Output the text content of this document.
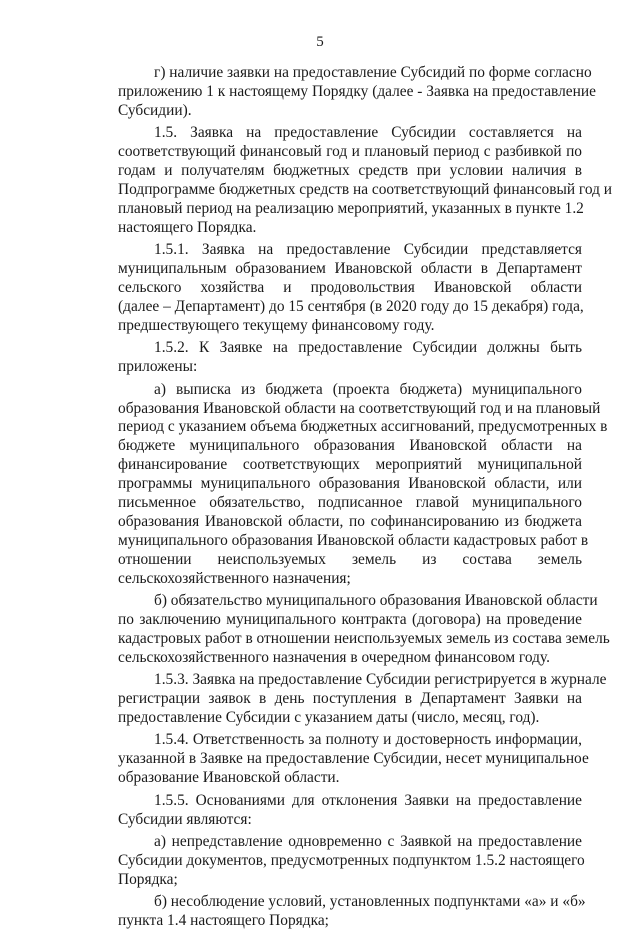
5
г) наличие заявки на предоставление Субсидий по форме согласно
приложению 1 к настоящему Порядку (далее - Заявка на предоставление
Субсидии).
1.5. Заявка на предоставление Субсидии составляется на
соответствующий финансовый год и плановый период с разбивкой по
годам и получателям бюджетных средств при условии наличия в
Подпрограмме бюджетных средств на соответствующий финансовый год и
плановый период на реализацию мероприятий, указанных в пункте 1.2
настоящего Порядка.
1.5.1. Заявка на предоставление Субсидии представляется
муниципальным образованием Ивановской области в Департамент
сельского хозяйства и продовольствия Ивановской области
(далее – Департамент) до 15 сентября (в 2020 году до 15 декабря) года,
предшествующего текущему финансовому году.
1.5.2. К Заявке на предоставление Субсидии должны быть
приложены:
а) выписка из бюджета (проекта бюджета) муниципального
образования Ивановской области на соответствующий год и на плановый
период с указанием объема бюджетных ассигнований, предусмотренных в
бюджете муниципального образования Ивановской области на
финансирование соответствующих мероприятий муниципальной
программы муниципального образования Ивановской области, или
письменное обязательство, подписанное главой муниципального
образования Ивановской области, по софинансированию из бюджета
муниципального образования Ивановской области кадастровых работ в
отношении неиспользуемых земель из состава земель
сельскохозяйственного назначения;
б) обязательство муниципального образования Ивановской области
по заключению муниципального контракта (договора) на проведение
кадастровых работ в отношении неиспользуемых земель из состава земель
сельскохозяйственного назначения в очередном финансовом году.
1.5.3. Заявка на предоставление Субсидии регистрируется в журнале
регистрации заявок в день поступления в Департамент Заявки на
предоставление Субсидии с указанием даты (число, месяц, год).
1.5.4. Ответственность за полноту и достоверность информации,
указанной в Заявке на предоставление Субсидии, несет муниципальное
образование Ивановской области.
1.5.5. Основаниями для отклонения Заявки на предоставление
Субсидии являются:
а) непредставление одновременно с Заявкой на предоставление
Субсидии документов, предусмотренных подпунктом 1.5.2 настоящего
Порядка;
б) несоблюдение условий, установленных подпунктами «а» и «б»
пункта 1.4 настоящего Порядка;
